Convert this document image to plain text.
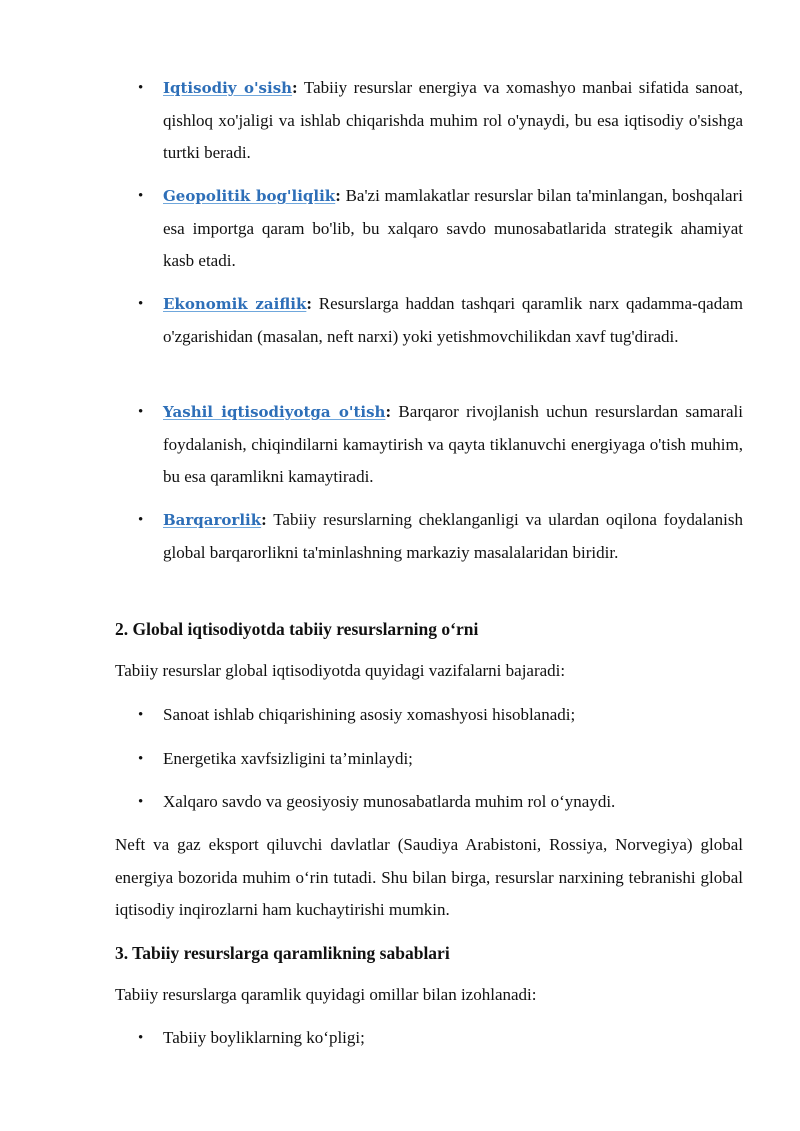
• Iqtisodiy o'sish: Tabiiy resurslar energiya va xomashyo manbai sifatida sanoat, qishloq xo'jaligi va ishlab chiqarishda muhim rol o'ynaydi, bu esa iqtisodiy o'sishga turtki beradi.
• Geopolitik bog'liqlik: Ba'zi mamlakatlar resurslar bilan ta'minlangan, boshqalari esa importga qaram bo'lib, bu xalqaro savdo munosabatlarida strategik ahamiyat kasb etadi.
• Ekonomik zaiflik: Resurslarga haddan tashqari qaramlik narx qadamma-qadam o'zgarishidan (masalan, neft narxi) yoki yetishmovchilikdan xavf tug'diradi.
• Yashil iqtisodiyotga o'tish: Barqaror rivojlanish uchun resurslardan samarali foydalanish, chiqindilarni kamaytirish va qayta tiklanuvchi energiyaga o'tish muhim, bu esa qaramlikni kamaytiradi.
• Barqarorlik: Tabiiy resurslarning cheklanganligi va ulardan oqilona foydalanish global barqarorlikni ta'minlashning markaziy masalalaridan biridir.
2. Global iqtisodiyotda tabiiy resurslarning o‘rni
Tabiiy resurslar global iqtisodiyotda quyidagi vazifalarni bajaradi:
• Sanoat ishlab chiqarishining asosiy xomashyosi hisoblanadi;
• Energetika xavfsizligini ta’minlaydi;
• Xalqaro savdo va geosiyosiy munosabatlarda muhim rol o‘ynaydi.
Neft va gaz eksport qiluvchi davlatlar (Saudiya Arabistoni, Rossiya, Norvegiya) global energiya bozorida muhim o‘rin tutadi. Shu bilan birga, resurslar narxining tebranishi global iqtisodiy inqirozlarni ham kuchaytirishi mumkin.
3. Tabiiy resurslarga qaramlikning sabablari
Tabiiy resurslarga qaramlik quyidagi omillar bilan izohlanadi:
• Tabiiy boyliklarning ko‘pligi;
